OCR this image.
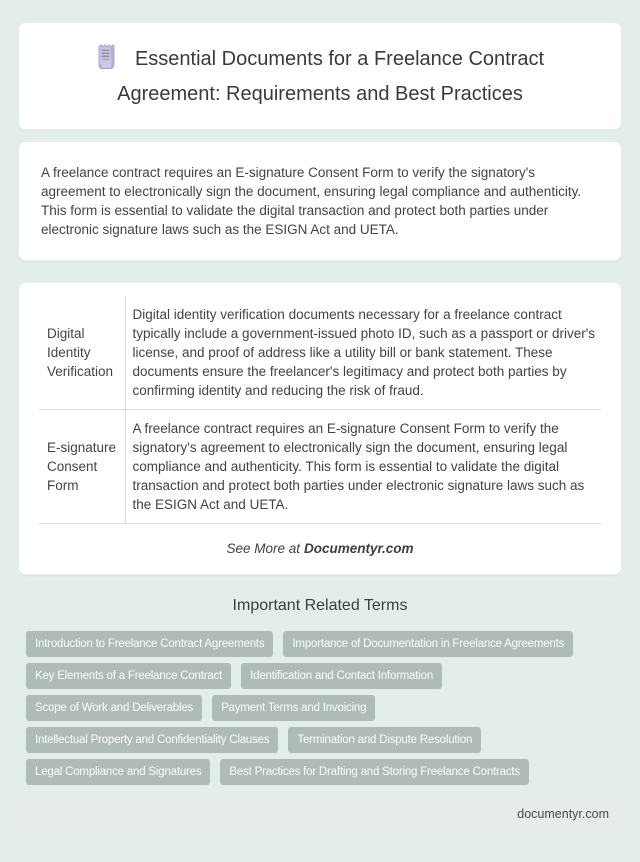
Essential Documents for a Freelance Contract Agreement: Requirements and Best Practices

A freelance contract requires an E-signature Consent Form to verify the signatory's agreement to electronically sign the document, ensuring legal compliance and authenticity. This form is essential to validate the digital transaction and protect both parties under electronic signature laws such as the ESIGN Act and UETA.

Digital Identity Verification	Digital identity verification documents necessary for a freelance contract typically include a government-issued photo ID, such as a passport or driver's license, and proof of address like a utility bill or bank statement. These documents ensure the freelancer's legitimacy and protect both parties by confirming identity and reducing the risk of fraud.
E-signature Consent Form	A freelance contract requires an E-signature Consent Form to verify the signatory's agreement to electronically sign the document, ensuring legal compliance and authenticity. This form is essential to validate the digital transaction and protect both parties under electronic signature laws such as the ESIGN Act and UETA.
See More at Documentyr.com
Important Related Terms
Introduction to Freelance Contract Agreements	Importance of Documentation in Freelance Agreements
Key Elements of a Freelance Contract	Identification and Contact Information
Scope of Work and Deliverables	Payment Terms and Invoicing
Intellectual Property and Confidentiality Clauses	Termination and Dispute Resolution
Legal Compliance and Signatures	Best Practices for Drafting and Storing Freelance Contracts
documentyr.com
